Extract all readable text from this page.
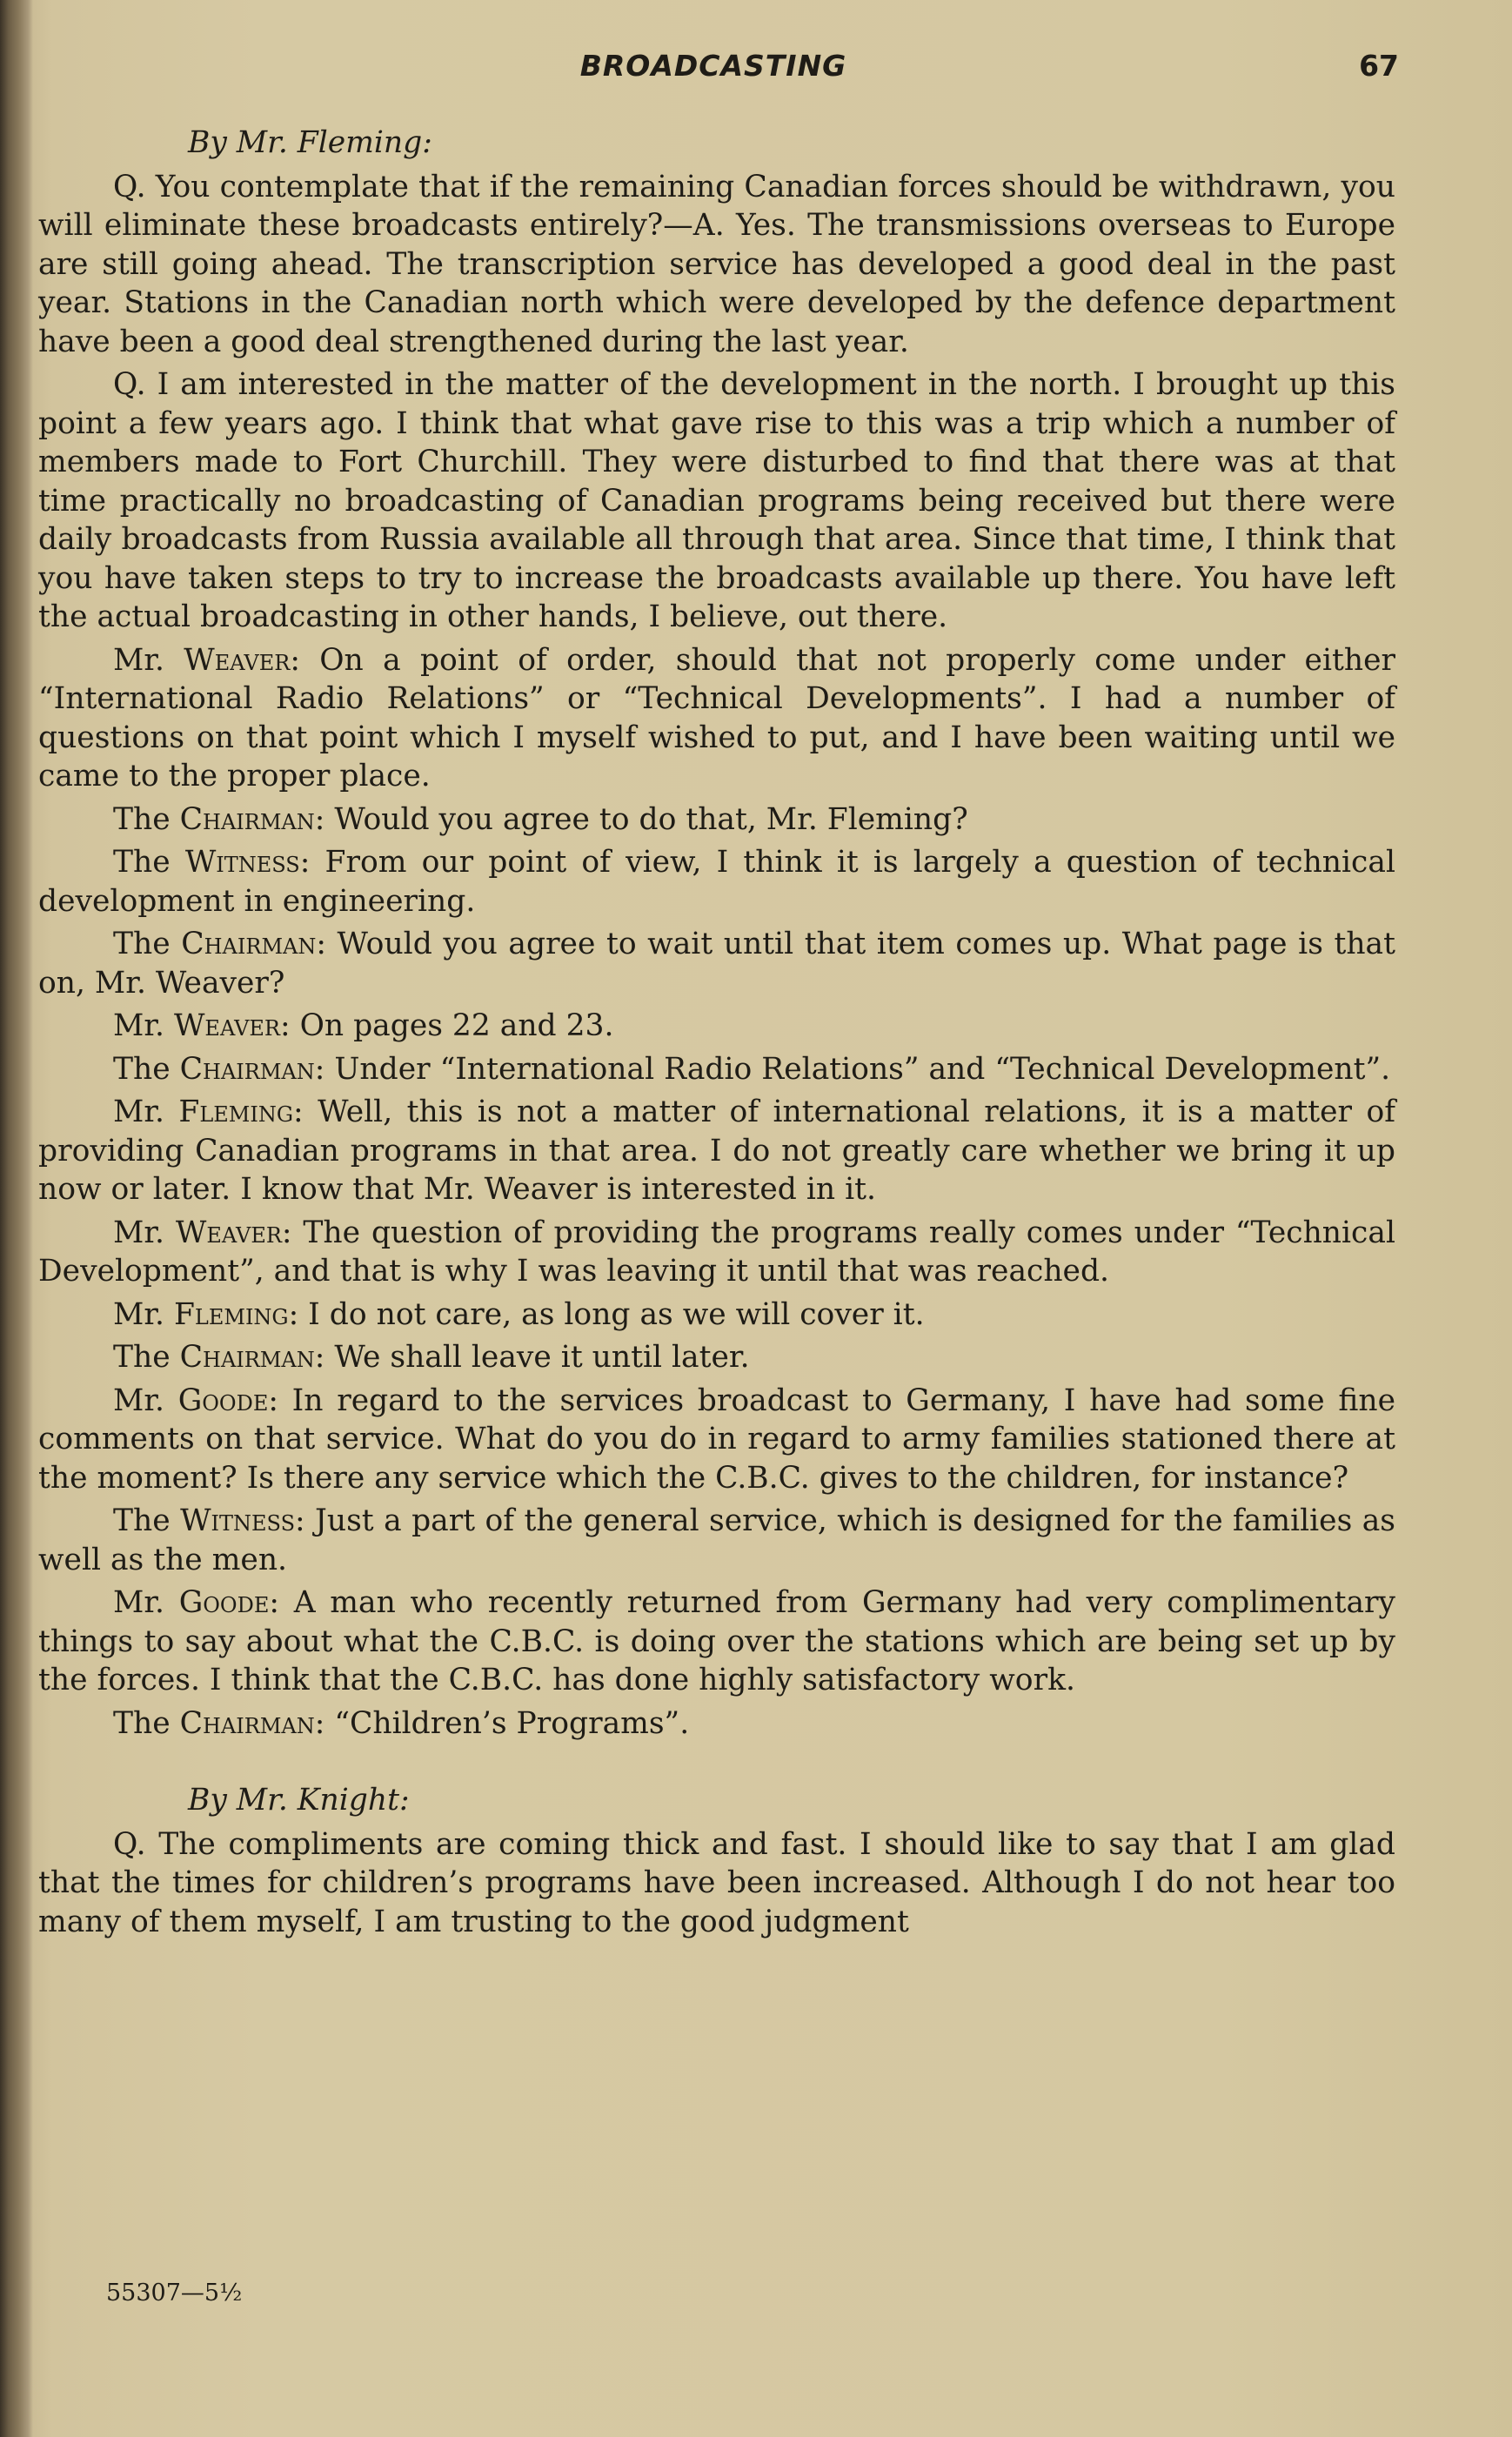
BROADCASTING	67

By Mr. Fleming:

Q. You contemplate that if the remaining Canadian forces should be withdrawn, you will eliminate these broadcasts entirely?—A. Yes. The transmissions overseas to Europe are still going ahead. The transcription service has developed a good deal in the past year. Stations in the Canadian north which were developed by the defence department have been a good deal strengthened during the last year.

Q. I am interested in the matter of the development in the north. I brought up this point a few years ago. I think that what gave rise to this was a trip which a number of members made to Fort Churchill. They were disturbed to find that there was at that time practically no broadcasting of Canadian programs being received but there were daily broadcasts from Russia available all through that area. Since that time, I think that you have taken steps to try to increase the broadcasts available up there. You have left the actual broadcasting in other hands, I believe, out there.

Mr. Weaver: On a point of order, should that not properly come under either “International Radio Relations” or “Technical Developments”. I had a number of questions on that point which I myself wished to put, and I have been waiting until we came to the proper place.

The Chairman: Would you agree to do that, Mr. Fleming?

The Witness: From our point of view, I think it is largely a question of technical development in engineering.

The Chairman: Would you agree to wait until that item comes up. What page is that on, Mr. Weaver?

Mr. Weaver: On pages 22 and 23.

The Chairman: Under “International Radio Relations” and “Technical Development”.

Mr. Fleming: Well, this is not a matter of international relations, it is a matter of providing Canadian programs in that area. I do not greatly care whether we bring it up now or later. I know that Mr. Weaver is interested in it.

Mr. Weaver: The question of providing the programs really comes under “Technical Development”, and that is why I was leaving it until that was reached.

Mr. Fleming: I do not care, as long as we will cover it.

The Chairman: We shall leave it until later.

Mr. Goode: In regard to the services broadcast to Germany, I have had some fine comments on that service. What do you do in regard to army families stationed there at the moment? Is there any service which the C.B.C. gives to the children, for instance?

The Witness: Just a part of the general service, which is designed for the families as well as the men.

Mr. Goode: A man who recently returned from Germany had very complimentary things to say about what the C.B.C. is doing over the stations which are being set up by the forces. I think that the C.B.C. has done highly satisfactory work.

The Chairman: “Children’s Programs”.

By Mr. Knight:

Q. The compliments are coming thick and fast. I should like to say that I am glad that the times for children’s programs have been increased. Although I do not hear too many of them myself, I am trusting to the good judgment

55307—5½
